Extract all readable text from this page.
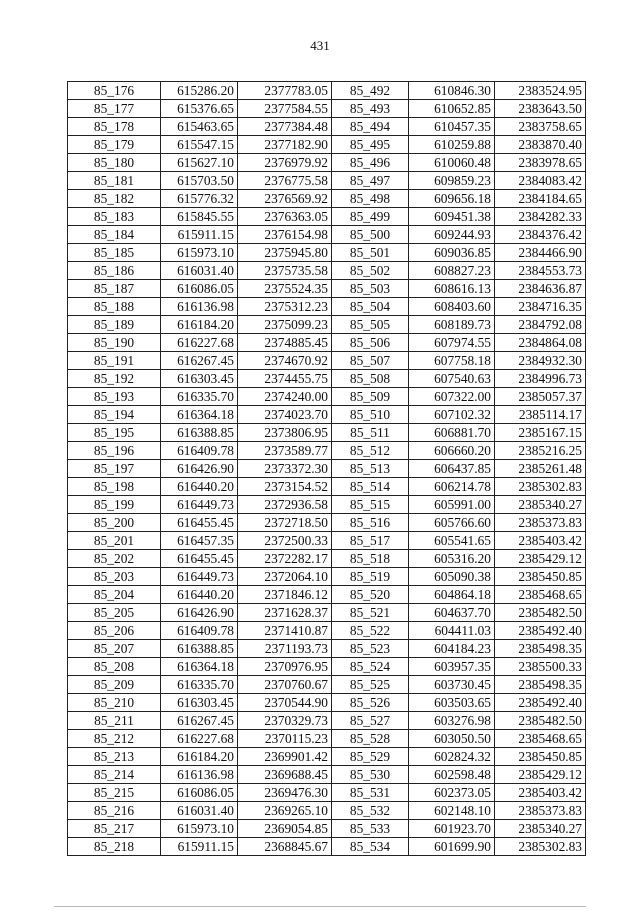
431
85_176	615286.20	2377783.05	85_492	610846.30	2383524.95
85_177	615376.65	2377584.55	85_493	610652.85	2383643.50
85_178	615463.65	2377384.48	85_494	610457.35	2383758.65
85_179	615547.15	2377182.90	85_495	610259.88	2383870.40
85_180	615627.10	2376979.92	85_496	610060.48	2383978.65
85_181	615703.50	2376775.58	85_497	609859.23	2384083.42
85_182	615776.32	2376569.92	85_498	609656.18	2384184.65
85_183	615845.55	2376363.05	85_499	609451.38	2384282.33
85_184	615911.15	2376154.98	85_500	609244.93	2384376.42
85_185	615973.10	2375945.80	85_501	609036.85	2384466.90
85_186	616031.40	2375735.58	85_502	608827.23	2384553.73
85_187	616086.05	2375524.35	85_503	608616.13	2384636.87
85_188	616136.98	2375312.23	85_504	608403.60	2384716.35
85_189	616184.20	2375099.23	85_505	608189.73	2384792.08
85_190	616227.68	2374885.45	85_506	607974.55	2384864.08
85_191	616267.45	2374670.92	85_507	607758.18	2384932.30
85_192	616303.45	2374455.75	85_508	607540.63	2384996.73
85_193	616335.70	2374240.00	85_509	607322.00	2385057.37
85_194	616364.18	2374023.70	85_510	607102.32	2385114.17
85_195	616388.85	2373806.95	85_511	606881.70	2385167.15
85_196	616409.78	2373589.77	85_512	606660.20	2385216.25
85_197	616426.90	2373372.30	85_513	606437.85	2385261.48
85_198	616440.20	2373154.52	85_514	606214.78	2385302.83
85_199	616449.73	2372936.58	85_515	605991.00	2385340.27
85_200	616455.45	2372718.50	85_516	605766.60	2385373.83
85_201	616457.35	2372500.33	85_517	605541.65	2385403.42
85_202	616455.45	2372282.17	85_518	605316.20	2385429.12
85_203	616449.73	2372064.10	85_519	605090.38	2385450.85
85_204	616440.20	2371846.12	85_520	604864.18	2385468.65
85_205	616426.90	2371628.37	85_521	604637.70	2385482.50
85_206	616409.78	2371410.87	85_522	604411.03	2385492.40
85_207	616388.85	2371193.73	85_523	604184.23	2385498.35
85_208	616364.18	2370976.95	85_524	603957.35	2385500.33
85_209	616335.70	2370760.67	85_525	603730.45	2385498.35
85_210	616303.45	2370544.90	85_526	603503.65	2385492.40
85_211	616267.45	2370329.73	85_527	603276.98	2385482.50
85_212	616227.68	2370115.23	85_528	603050.50	2385468.65
85_213	616184.20	2369901.42	85_529	602824.32	2385450.85
85_214	616136.98	2369688.45	85_530	602598.48	2385429.12
85_215	616086.05	2369476.30	85_531	602373.05	2385403.42
85_216	616031.40	2369265.10	85_532	602148.10	2385373.83
85_217	615973.10	2369054.85	85_533	601923.70	2385340.27
85_218	615911.15	2368845.67	85_534	601699.90	2385302.83
